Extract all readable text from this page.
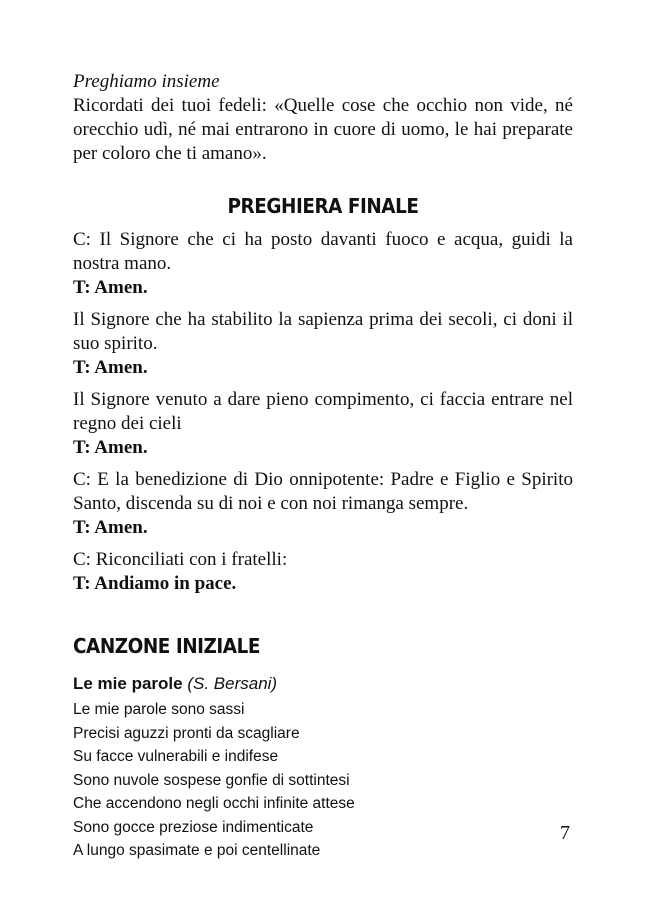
Preghiamo insieme

Ricordati dei tuoi fedeli: «Quelle cose che occhio non vide, né orecchio udì, né mai entrarono in cuore di uomo, le hai preparate per coloro che ti amano».

PREGHIERA FINALE

C: Il Signore che ci ha posto davanti fuoco e acqua, guidi la nostra mano.

T: Amen.

Il Signore che ha stabilito la sapienza prima dei secoli, ci doni il suo spirito.

T: Amen.

Il Signore venuto a dare pieno compimento, ci faccia entrare nel regno dei cieli

T: Amen.

C: E la benedizione di Dio onnipotente: Padre e Figlio e Spirito Santo, discenda su di noi e con noi rimanga sempre.

T: Amen.

C: Riconciliati con i fratelli:

T: Andiamo in pace.

CANZONE INIZIALE
Le mie parole (S. Bersani)

Le mie parole sono sassi

Precisi aguzzi pronti da scagliare

Su facce vulnerabili e indifese

Sono nuvole sospese gonfie di sottintesi

Che accendono negli occhi infinite attese

Sono gocce preziose indimenticate

A lungo spasimate e poi centellinate

7
